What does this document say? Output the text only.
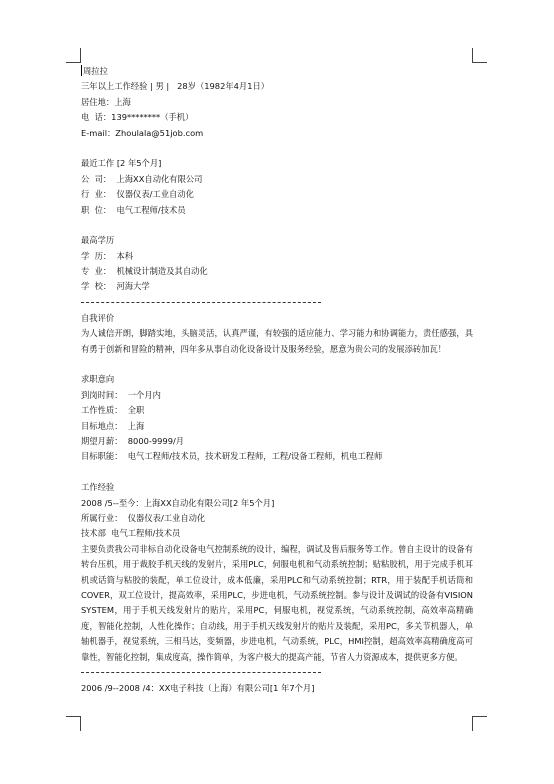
周拉拉
三年以上工作经验 | 男 |   28岁（1982年4月1日）
居住地：上海
电  话：139********（手机）
E-mail：Zhoulala@51job.com
最近工作 [2 年5个月]
公  司：  上海XX自动化有限公司
行  业：  仪器仪表/工业自动化
职  位：  电气工程师/技术员
最高学历
学  历：  本科
专  业：  机械设计制造及其自动化
学  校：  河海大学
自我评价
为人诚信开朗，脚踏实地，头脑灵活，认真严谨，有较强的适应能力、学习能力和协调能力，责任感强，具有勇于创新和冒险的精神，四年多从事自动化设备设计及服务经验，愿意为贵公司的发展添砖加瓦！
求职意向
到岗时间：  一个月内
工作性质：  全职
目标地点：  上海
期望月薪：  8000-9999/月
目标职能：  电气工程师/技术员，技术研发工程师，工程/设备工程师，机电工程师
工作经验
2008 /5--至今：上海XX自动化有限公司[2 年5个月]
所属行业：  仪器仪表/工业自动化
技术部  电气工程师/技术员
主要负责我公司非标自动化设备电气控制系统的设计，编程，调试及售后服务等工作。曾自主设计的设备有转台压机，用于裁胶手机天线的发射片，采用PLC，伺服电机和气动系统控制；贴粘胶机，用于完成手机耳机或话筒与粘胶的装配，单工位设计，成本低廉，采用PLC和气动系统控制；RTR，用于装配手机话筒和COVER，双工位设计，提高效率，采用PLC，步进电机，气动系统控制。参与设计及调试的设备有VISION SYSTEM，用于手机天线发射片的贴片，采用PC，伺服电机，视觉系统，气动系统控制，高效率高精确度，智能化控制，人性化操作；自动线，用于手机天线发射片的贴片及装配，采用PC，多关节机器人，单轴机器手，视觉系统，三相马达，变频器，步进电机，气动系统，PLC，HMI控制，超高效率高精确度高可靠性，智能化控制，集成度高，操作简单，为客户极大的提高产能，节省人力资源成本，提供更多方便。
2006 /9--2008 /4：XX电子科技（上海）有限公司[1 年7个月]
